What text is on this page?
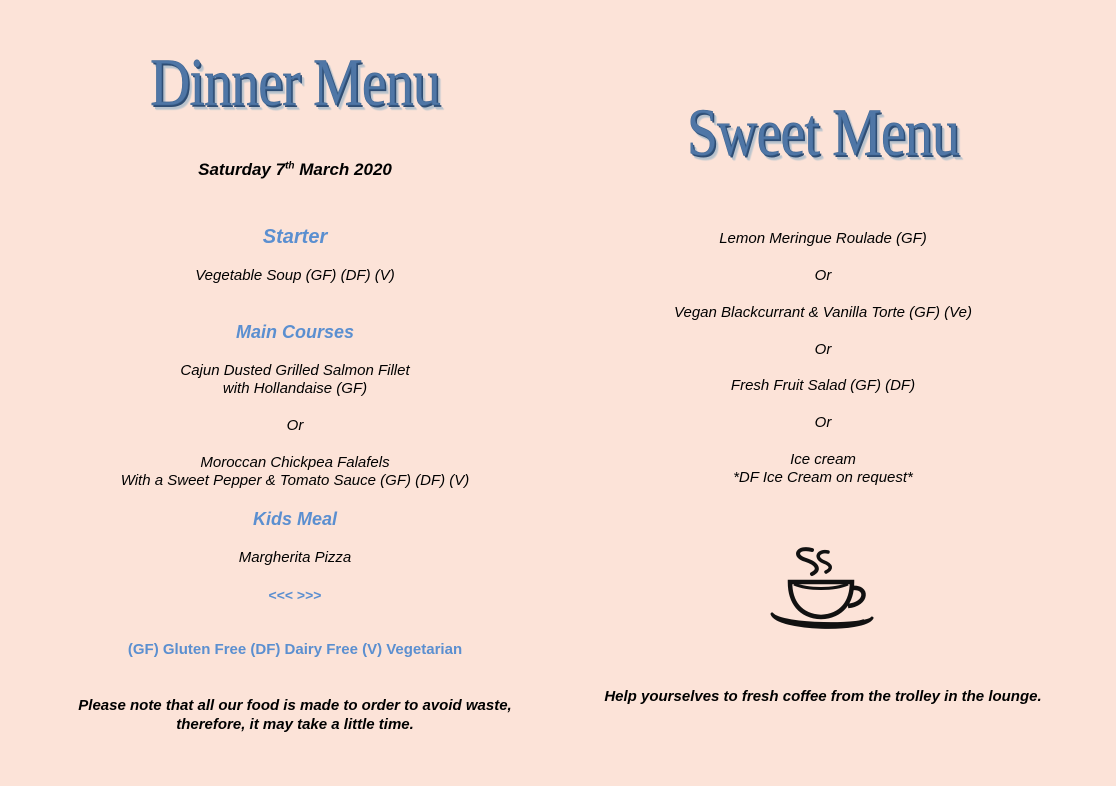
Dinner Menu
Saturday 7th March 2020
Starter
Vegetable Soup (GF) (DF) (V)
Main Courses
Cajun Dusted Grilled Salmon Fillet
with Hollandaise (GF)
Or
Moroccan Chickpea Falafels
With a Sweet Pepper & Tomato Sauce (GF) (DF) (V)
Kids Meal
Margherita Pizza
<<< >>>
(GF) Gluten Free (DF) Dairy Free (V) Vegetarian
Please note that all our food is made to order to avoid waste,
therefore, it may take a little time.
Sweet Menu
Lemon Meringue Roulade (GF)
Or
Vegan Blackcurrant & Vanilla Torte (GF) (Ve)
Or
Fresh Fruit Salad (GF) (DF)
Or
Ice cream
*DF Ice Cream on request*
Help yourselves to fresh coffee from the trolley in the lounge.
